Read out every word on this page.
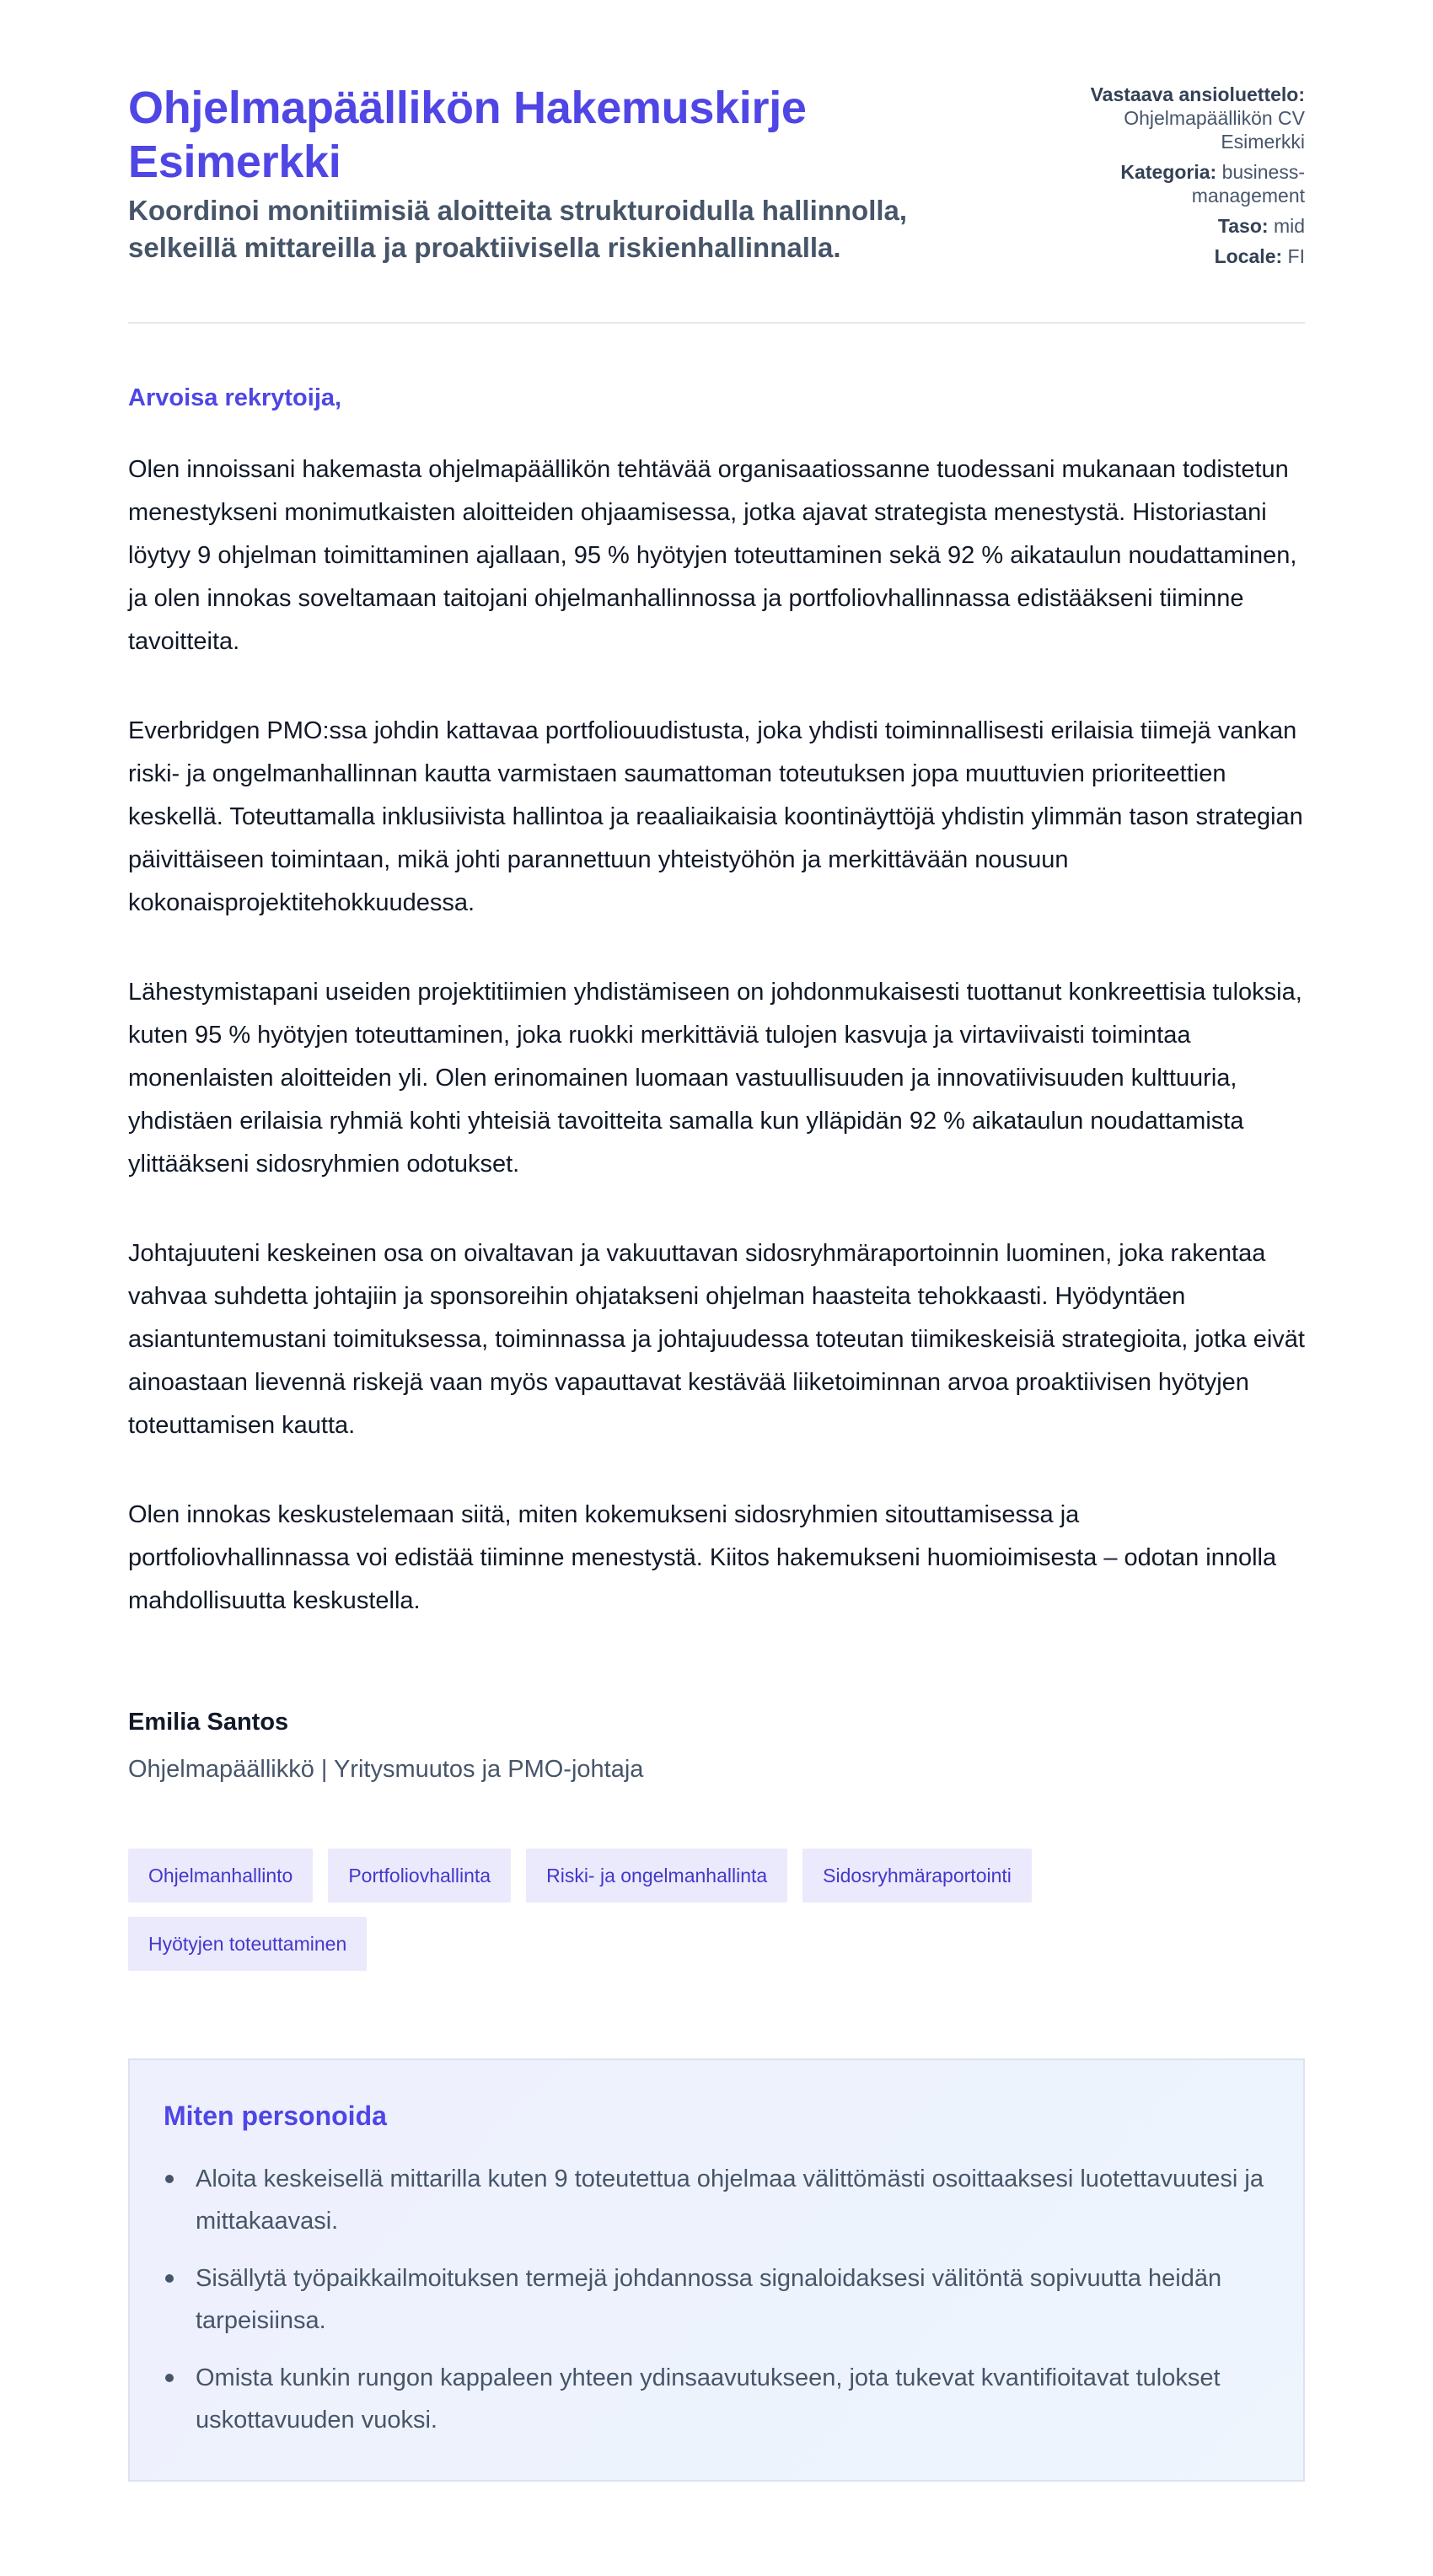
Ohjelmapäällikön Hakemuskirje Esimerkki
Koordinoi monitiimisiä aloitteita strukturoidulla hallinnolla, selkeillä mittareilla ja proaktiivisella riskienhallinnalla.
Vastaava ansioluettelo: Ohjelmapäällikön CV Esimerkki
Kategoria: business-management
Taso: mid
Locale: FI

Arvoisa rekrytoija,

Olen innoissani hakemasta ohjelmapäällikön tehtävää organisaatiossanne tuodessani mukanaan todistetun menestykseni monimutkaisten aloitteiden ohjaamisessa, jotka ajavat strategista menestystä. Historiastani löytyy 9 ohjelman toimittaminen ajallaan, 95 % hyötyjen toteuttaminen sekä 92 % aikataulun noudattaminen, ja olen innokas soveltamaan taitojani ohjelmanhallinnossa ja portfoliovhallinnassa edistääkseni tiiminne tavoitteita.

Everbridgen PMO:ssa johdin kattavaa portfoliouudistusta, joka yhdisti toiminnallisesti erilaisia tiimejä vankan riski- ja ongelmanhallinnan kautta varmistaen saumattoman toteutuksen jopa muuttuvien prioriteettien keskellä. Toteuttamalla inklusiivista hallintoa ja reaaliaikaisia koontinäyttöjä yhdistin ylimmän tason strategian päivittäiseen toimintaan, mikä johti parannettuun yhteistyöhön ja merkittävään nousuun kokonaisprojektitehokkuudessa.

Lähestymistapani useiden projektitiimien yhdistämiseen on johdonmukaisesti tuottanut konkreettisia tuloksia, kuten 95 % hyötyjen toteuttaminen, joka ruokki merkittäviä tulojen kasvuja ja virtaviivaisti toimintaa monenlaisten aloitteiden yli. Olen erinomainen luomaan vastuullisuuden ja innovatiivisuuden kulttuuria, yhdistäen erilaisia ryhmiä kohti yhteisiä tavoitteita samalla kun ylläpidän 92 % aikataulun noudattamista ylittääkseni sidosryhmien odotukset.

Johtajuuteni keskeinen osa on oivaltavan ja vakuuttavan sidosryhmäraportoinnin luominen, joka rakentaa vahvaa suhdetta johtajiin ja sponsoreihin ohjatakseni ohjelman haasteita tehokkaasti. Hyödyntäen asiantuntemustani toimituksessa, toiminnassa ja johtajuudessa toteutan tiimikeskeisiä strategioita, jotka eivät ainoastaan lievennä riskejä vaan myös vapauttavat kestävää liiketoiminnan arvoa proaktiivisen hyötyjen toteuttamisen kautta.

Olen innokas keskustelemaan siitä, miten kokemukseni sidosryhmien sitouttamisessa ja portfoliovhallinnassa voi edistää tiiminne menestystä. Kiitos hakemukseni huomioimisesta – odotan innolla mahdollisuutta keskustella.

Emilia Santos
Ohjelmapäällikkö | Yritysmuutos ja PMO-johtaja
Ohjelmanhallinto	Portfoliovhallinta	Riski- ja ongelmanhallinta	Sidosryhmäraportointi
Hyötyjen toteuttaminen
Miten personoida
Aloita keskeisellä mittarilla kuten 9 toteutettua ohjelmaa välittömästi osoittaaksesi luotettavuutesi ja mittakaavasi.
Sisällytä työpaikkailmoituksen termejä johdannossa signaloidaksesi välitöntä sopivuutta heidän tarpeisiinsa.
Omista kunkin rungon kappaleen yhteen ydinsaavutukseen, jota tukevat kvantifioitavat tulokset uskottavuuden vuoksi.
